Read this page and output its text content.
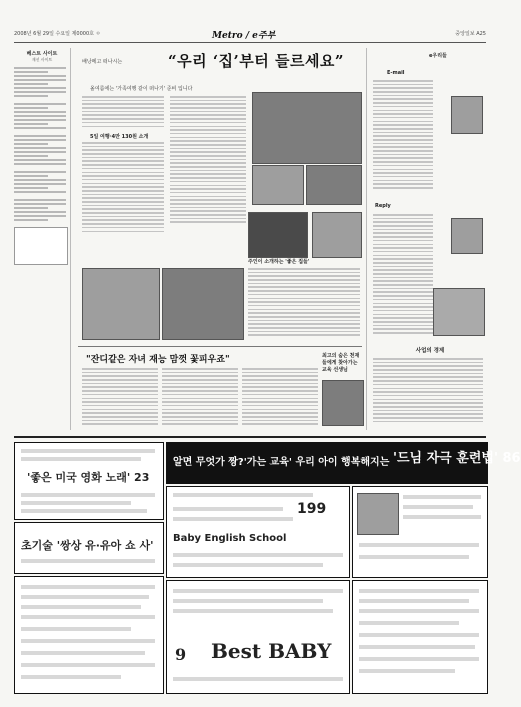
2008년 6월 29일 수요일 제0000호 ㅇ	Metro / e주부	중앙일보 A25
베스트 사이트
재선 사이트	배낭메고 떠나시는	“우리 ‘집’부터 들르세요”
올여름에는 '가족여행 같이 떠나기' 준비 입니다
5일 여행·4만 130원 소개
주인이 소개하는 '좋은 집들'
"잔디같은 자녀 재능 맘껏 꽃피우죠"	최고의 숨은 천재들에게 찾아가는 교육 선생님
e우리들
E-mail
Reply
사업의 경제
'좋은 미국 영화 노래' 23
초기술 '쌍상 유·유아 쇼 사'
알면 무엇가 짱?'가는 교육' 우리 아이 행복해지는 '드님 자극 훈련법' 86
199
Baby English School
9 Best BABY
